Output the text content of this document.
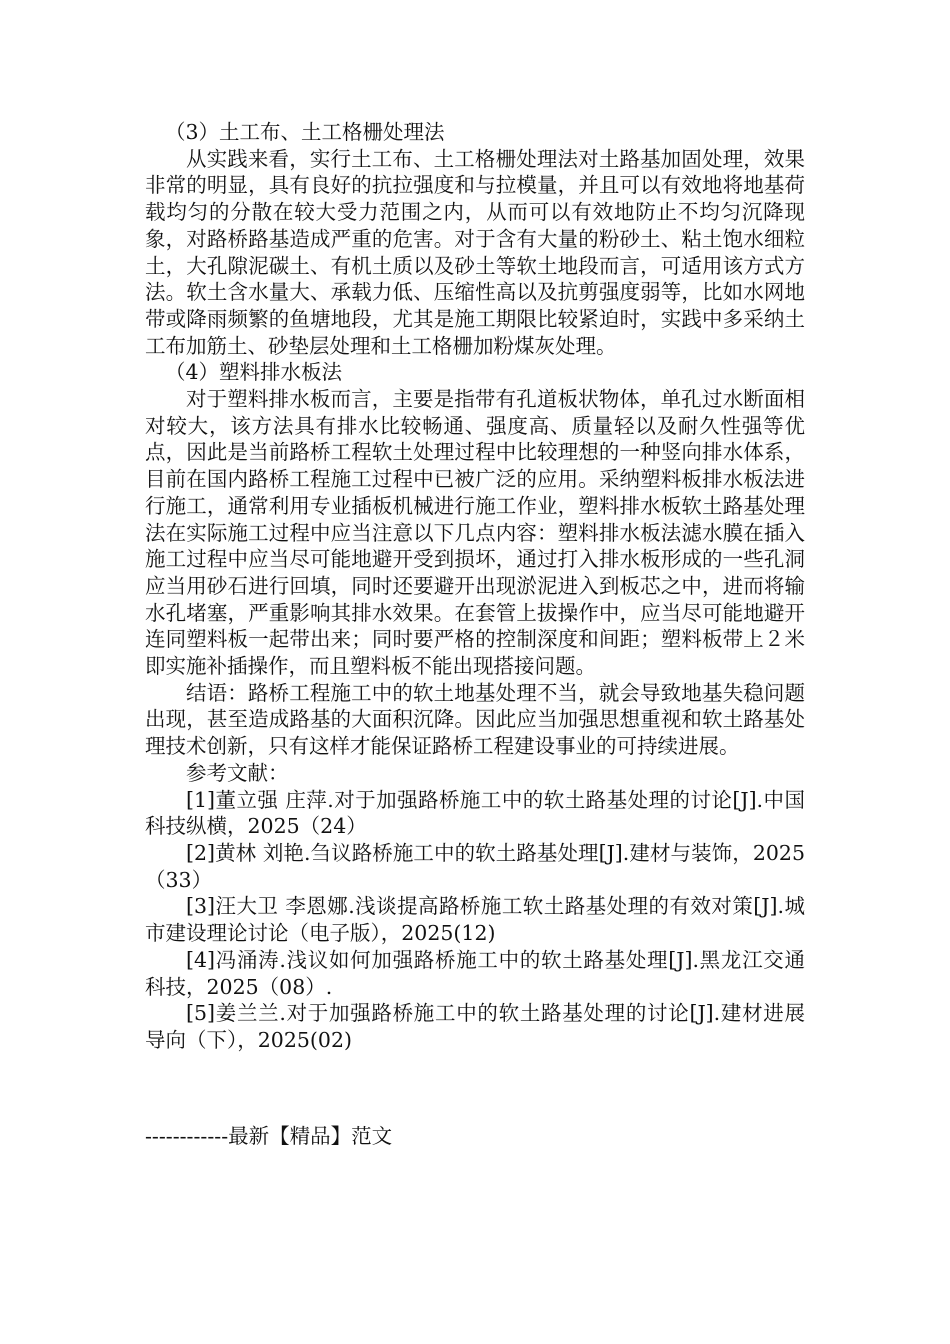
（3）土工布、土工格栅处理法

从实践来看，实行土工布、土工格栅处理法对土路基加固处理，效果非常的明显，具有良好的抗拉强度和与拉模量，并且可以有效地将地基荷载均匀的分散在较大受力范围之内，从而可以有效地防止不均匀沉降现象，对路桥路基造成严重的危害。对于含有大量的粉砂土、粘土饱水细粒土，大孔隙泥碳土、有机土质以及砂土等软土地段而言，可适用该方式方法。软土含水量大、承载力低、压缩性高以及抗剪强度弱等，比如水网地带或降雨频繁的鱼塘地段，尤其是施工期限比较紧迫时，实践中多采纳土工布加筋土、砂垫层处理和土工格栅加粉煤灰处理。

（4）塑料排水板法

对于塑料排水板而言，主要是指带有孔道板状物体，单孔过水断面相对较大，该方法具有排水比较畅通、强度高、质量轻以及耐久性强等优点，因此是当前路桥工程软土处理过程中比较理想的一种竖向排水体系，目前在国内路桥工程施工过程中已被广泛的应用。采纳塑料板排水板法进行施工，通常利用专业插板机械进行施工作业，塑料排水板软土路基处理法在实际施工过程中应当注意以下几点内容：塑料排水板法滤水膜在插入施工过程中应当尽可能地避开受到损坏，通过打入排水板形成的一些孔洞应当用砂石进行回填，同时还要避开出现淤泥进入到板芯之中，进而将输水孔堵塞，严重影响其排水效果。在套管上拔操作中，应当尽可能地避开连同塑料板一起带出来；同时要严格的控制深度和间距；塑料板带上２米即实施补插操作，而且塑料板不能出现搭接问题。

结语：路桥工程施工中的软土地基处理不当，就会导致地基失稳问题出现，甚至造成路基的大面积沉降。因此应当加强思想重视和软土路基处理技术创新，只有这样才能保证路桥工程建设事业的可持续进展。

参考文献：

[1]董立强 庄萍.对于加强路桥施工中的软土路基处理的讨论[J].中国科技纵横，2025（24）

[2]黄林 刘艳.刍议路桥施工中的软土路基处理[J].建材与装饰，2025（33）

[3]汪大卫 李恩娜.浅谈提高路桥施工软土路基处理的有效对策[J].城市建设理论讨论（电子版），2025(12)

[4]冯涌涛.浅议如何加强路桥施工中的软土路基处理[J].黑龙江交通科技，2025（08）.

[5]姜兰兰.对于加强路桥施工中的软土路基处理的讨论[J].建材进展导向（下），2025(02)

------------最新【精品】范文
